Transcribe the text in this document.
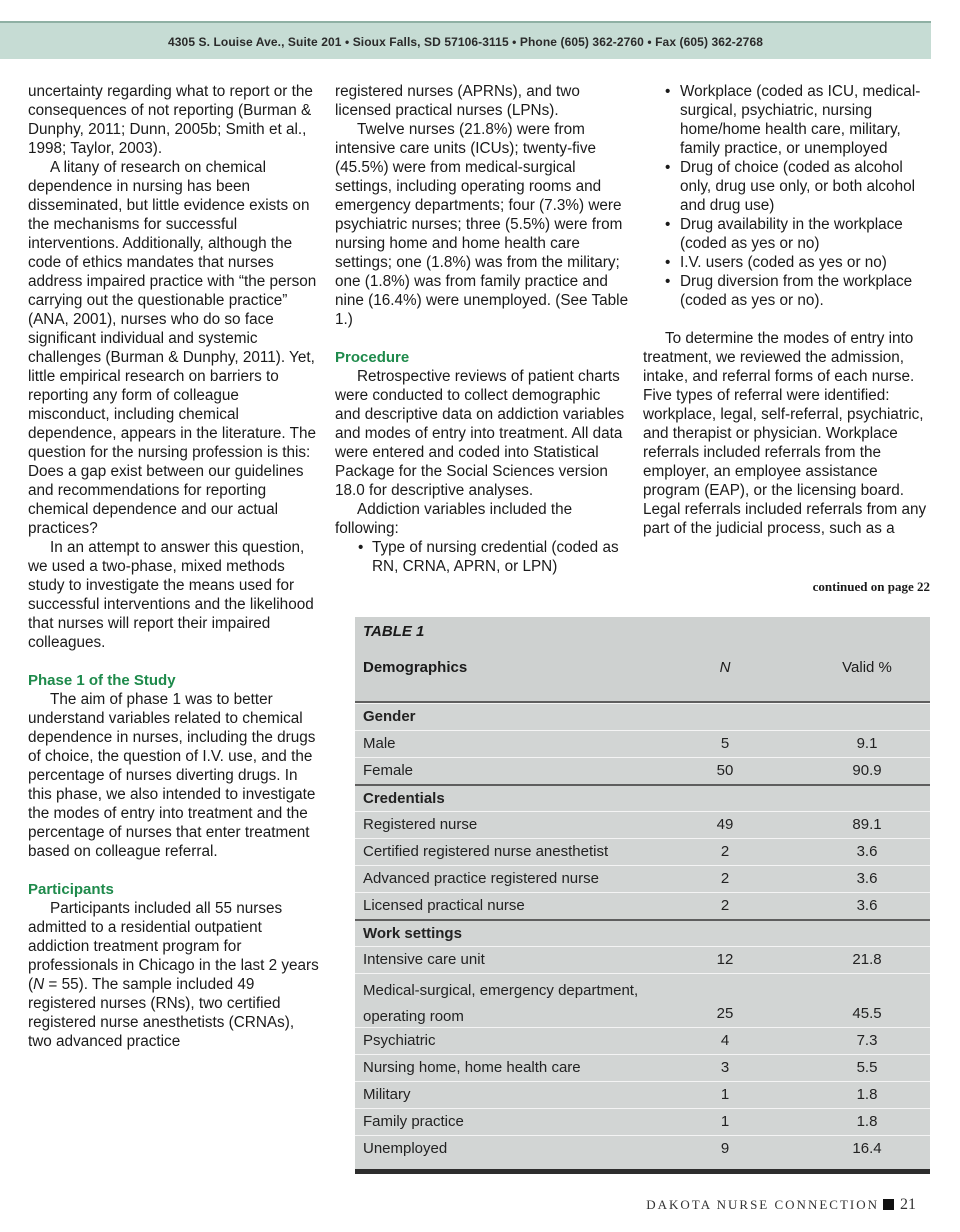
4305 S. Louise Ave., Suite 201 • Sioux Falls, SD 57106-3115 • Phone (605) 362-2760 • Fax (605) 362-2768

uncertainty regarding what to report or the consequences of not reporting (Burman & Dunphy, 2011; Dunn, 2005b; Smith et al., 1998; Taylor, 2003).

A litany of research on chemical dependence in nursing has been disseminated, but little evidence exists on the mechanisms for successful interventions. Additionally, although the code of ethics mandates that nurses address impaired practice with “the person carrying out the questionable practice” (ANA, 2001), nurses who do so face significant individual and systemic challenges (Burman & Dunphy, 2011). Yet, little empirical research on barriers to reporting any form of colleague misconduct, including chemical dependence, appears in the literature. The question for the nursing profession is this: Does a gap exist between our guidelines and recommendations for reporting chemical dependence and our actual practices?

In an attempt to answer this question, we used a two-phase, mixed methods study to investigate the means used for successful interventions and the likelihood that nurses will report their impaired colleagues.

Phase 1 of the Study

The aim of phase 1 was to better understand variables related to chemical dependence in nurses, including the drugs of choice, the question of I.V. use, and the percentage of nurses diverting drugs. In this phase, we also intended to investigate the modes of entry into treatment and the percentage of nurses that enter treatment based on colleague referral.

Participants

Participants included all 55 nurses admitted to a residential outpatient addiction treatment program for professionals in Chicago in the last 2 years (N = 55). The sample included 49 registered nurses (RNs), two certified registered nurse anesthetists (CRNAs), two advanced practice

registered nurses (APRNs), and two licensed practical nurses (LPNs).

Twelve nurses (21.8%) were from intensive care units (ICUs); twenty-five (45.5%) were from medical-surgical settings, including operating rooms and emergency departments; four (7.3%) were psychiatric nurses; three (5.5%) were from nursing home and home health care settings; one (1.8%) was from the military; one (1.8%) was from family practice and nine (16.4%) were unemployed. (See Table 1.)

Procedure

Retrospective reviews of patient charts were conducted to collect demographic and descriptive data on addiction variables and modes of entry into treatment. All data were entered and coded into Statistical Package for the Social Sciences version 18.0 for descriptive analyses.

Addiction variables included the following:

• Type of nursing credential (coded as RN, CRNA, APRN, or LPN)
• Workplace (coded as ICU, medical-surgical, psychiatric, nursing home/home health care, military, family practice, or unemployed
• Drug of choice (coded as alcohol only, drug use only, or both alcohol and drug use)
• Drug availability in the workplace (coded as yes or no)
• I.V. users (coded as yes or no)
• Drug diversion from the workplace (coded as yes or no).

To determine the modes of entry into treatment, we reviewed the admission, intake, and referral forms of each nurse. Five types of referral were identified: workplace, legal, self-referral, psychiatric, and therapist or physician. Workplace referrals included referrals from the employer, an employee assistance program (EAP), or the licensing board. Legal referrals included referrals from any part of the judicial process, such as a

continued on page 22
TABLE 1
Demographics	N	Valid %
Gender
Male	5	9.1
Female	50	90.9
Credentials
Registered nurse	49	89.1
Certified registered nurse anesthetist	2	3.6
Advanced practice registered nurse	2	3.6
Licensed practical nurse	2	3.6
Work settings
Intensive care unit	12	21.8
Medical-surgical, emergency department,
operating room	25	45.5
Psychiatric	4	7.3
Nursing home, home health care	3	5.5
Military	1	1.8
Family practice	1	1.8
Unemployed	9	16.4
DAKOTA NURSE CONNECTION 21
